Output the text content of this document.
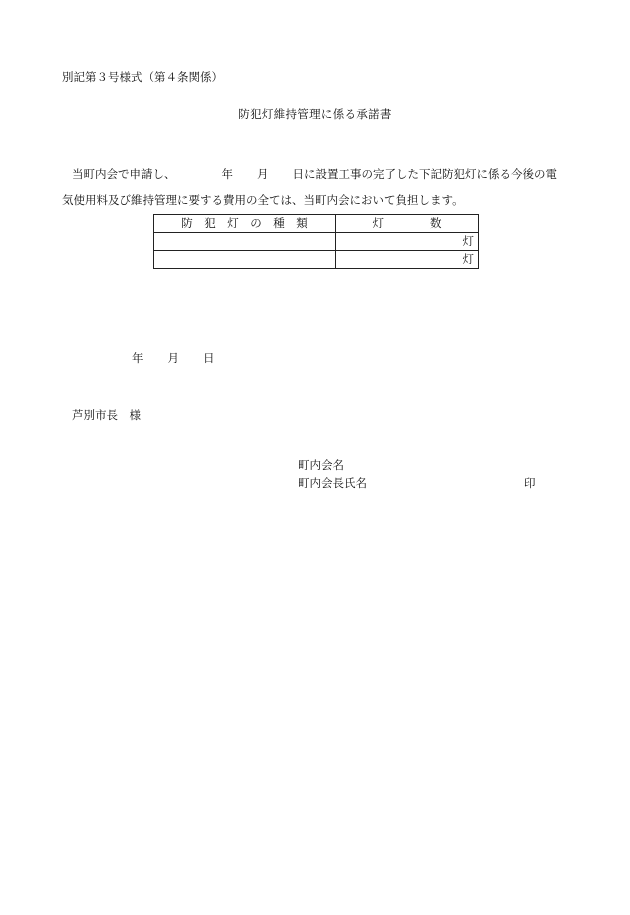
別記第３号様式（第４条関係）
防犯灯維持管理に係る承諾書
当町内会で申請し、	年 月 日に設置工事の完了した下記防犯灯に係る今後の電
気使用料及び維持管理に要する費用の全ては、当町内会において負担します。
防　犯　灯　の　種　類	灯　　　　数
	灯
	灯
年 月 日
芦別市長　様
町内会名
町内会長氏名	印
